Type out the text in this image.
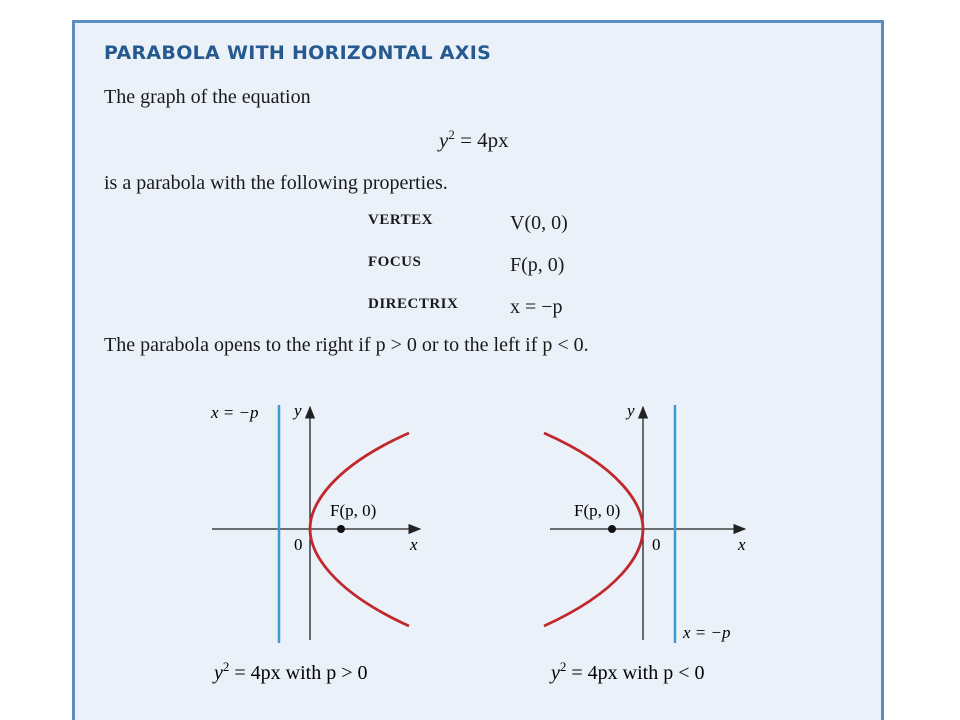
PARABOLA WITH HORIZONTAL AXIS
The graph of the equation
$y^2 = 4px$
is a parabola with the following properties.
VERTEX	V(0, 0)
FOCUS	F(p, 0)
DIRECTRIX	x = −p
The parabola opens to the right if p > 0 or to the left if p < 0.
x = −p y
x
0
F(p, 0)
$y^2 = 4px$ with p > 0
y
x
0
F(p, 0)
x = −p
$y^2 = 4px$ with p < 0
